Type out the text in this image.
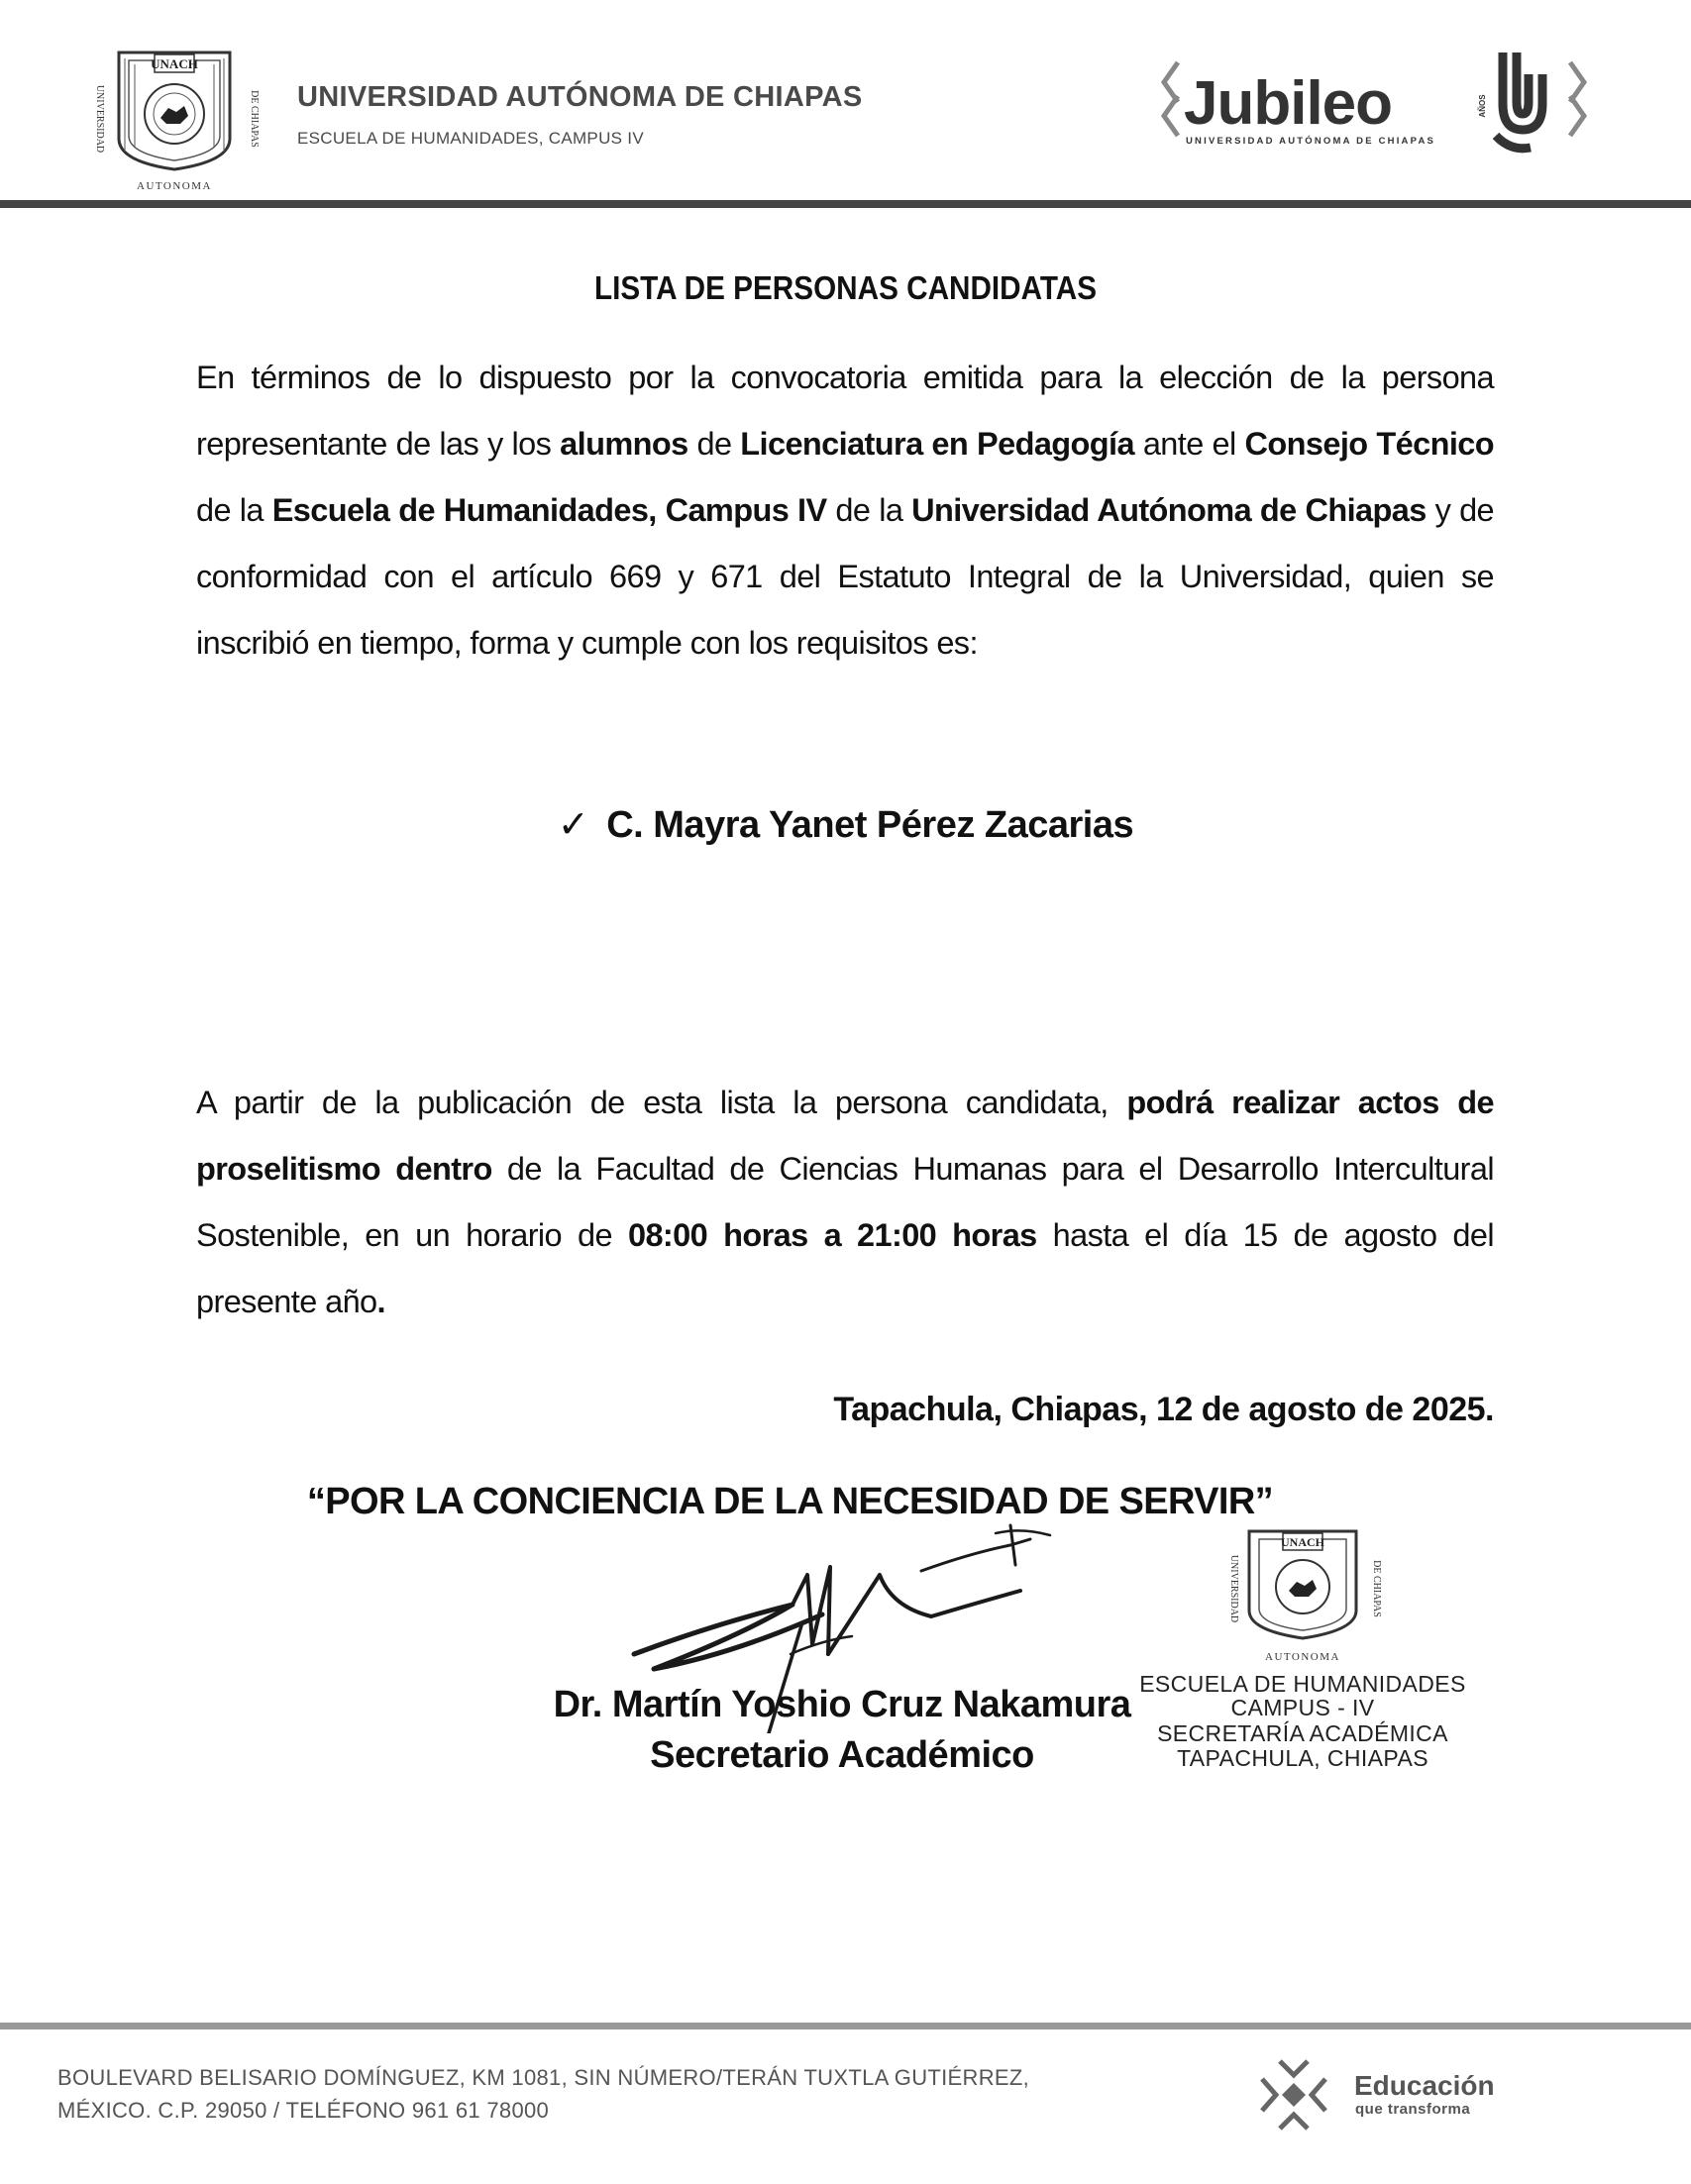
UNIVERSIDAD	DE CHIAPAS
UNACH
AUTONOMA
UNIVERSIDAD AUTÓNOMA DE CHIAPAS
ESCUELA DE HUMANIDADES, CAMPUS IV
Jubileo
UNIVERSIDAD AUTÓNOMA DE CHIAPAS
AÑOS
LISTA DE PERSONAS CANDIDATAS
En términos de lo dispuesto por la convocatoria emitida para la elección de la persona representante de las y los alumnos de Licenciatura en Pedagogía ante el Consejo Técnico de la Escuela de Humanidades, Campus IV de la Universidad Autónoma de Chiapas y de conformidad con el artículo 669 y 671 del Estatuto Integral de la Universidad, quien se inscribió en tiempo, forma y cumple con los requisitos es:
✓ C. Mayra Yanet Pérez Zacarias
A partir de la publicación de esta lista la persona candidata, podrá realizar actos de proselitismo dentro de la Facultad de Ciencias Humanas para el Desarrollo Intercultural Sostenible, en un horario de 08:00 horas a 21:00 horas hasta el día 15 de agosto del presente año.
Tapachula, Chiapas, 12 de agosto de 2025.
“POR LA CONCIENCIA DE LA NECESIDAD DE SERVIR”
Dr. Martín Yoshio Cruz Nakamura
Secretario Académico
UNIVERSIDAD	DE CHIAPAS
UNACH
AUTONOMA
ESCUELA DE HUMANIDADES
CAMPUS - IV
SECRETARÍA ACADÉMICA
TAPACHULA, CHIAPAS
BOULEVARD BELISARIO DOMÍNGUEZ, KM 1081, SIN NÚMERO/TERÁN TUXTLA GUTIÉRREZ,
MÉXICO. C.P. 29050 / TELÉFONO 961 61 78000
Educación
que transforma
